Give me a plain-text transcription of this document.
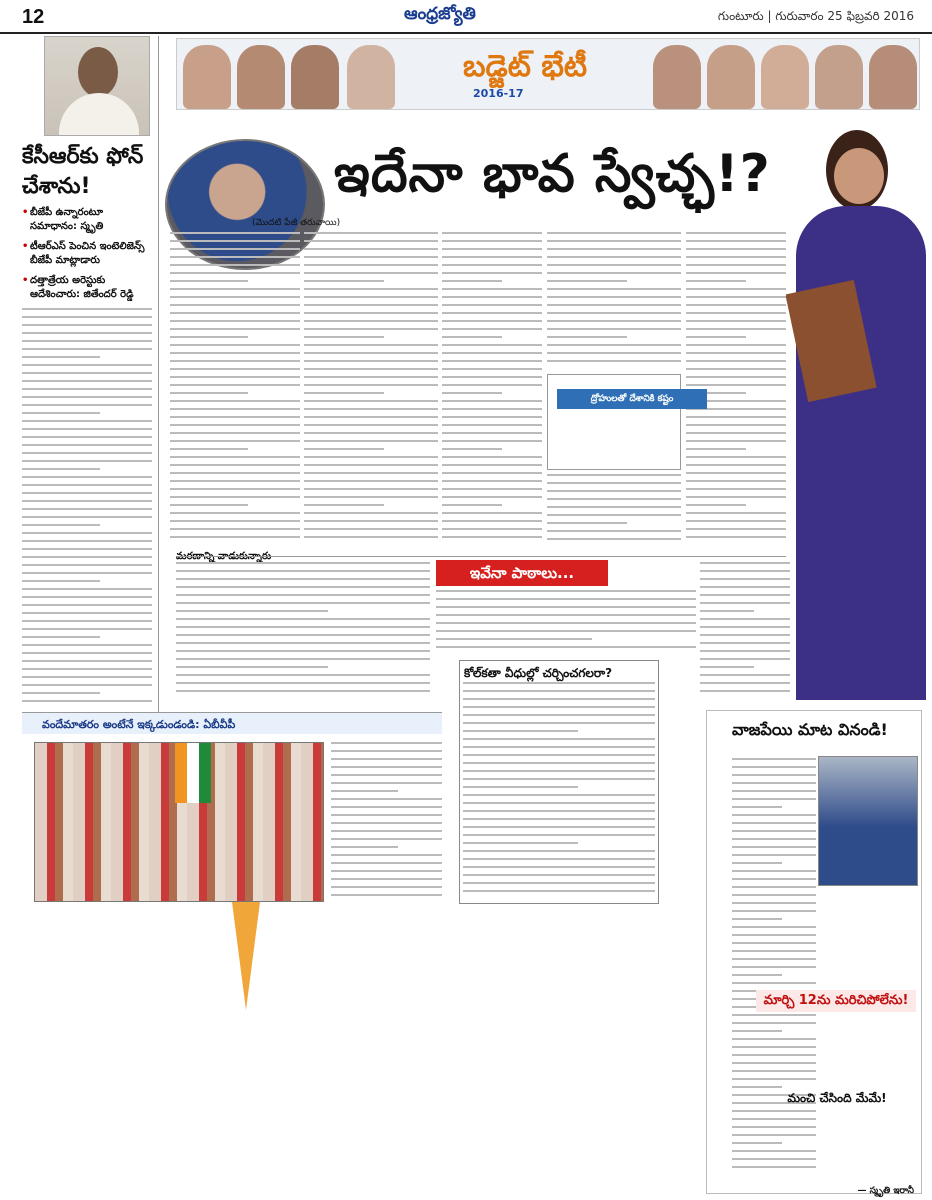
12	ఆంధ్రజ్యోతి	గుంటూరు | గురువారం 25 ఫిబ్రవరి 2016
కేసీఆర్‌కు ఫోన్ చేశాను!
• బీజేపీ ఉన్నారంటూ సమాధానం: స్మృతి
• టీఆర్‌ఎస్ పెంచిన ఇంటెలిజెన్స్ బీజేపీ మాట్లాడారు
• దత్తాత్రేయ అరెస్టుకు ఆదేశించారు: జితేందర్ రెడ్డి
బడ్జెట్ భేటీ
2016-17
ఇదేనా భావ స్వేచ్ఛ!?
(మొదటి పేజీ తరువాయి)
ద్రోహులతో దేశానికి కష్టం
ఇవేనా పాఠాలు...
కోల్‌కతా వీధుల్లో చర్చించగలరా?
వందేమాతరం అంటేనే ఇక్కడుండండి: ఏబీవీపీ	వాజపేయి మాట వినండి!
మార్చి 12ను మరిచిపోలేను!
మంచి చేసింది మేమే!
— స్మృతి ఇరానీ
